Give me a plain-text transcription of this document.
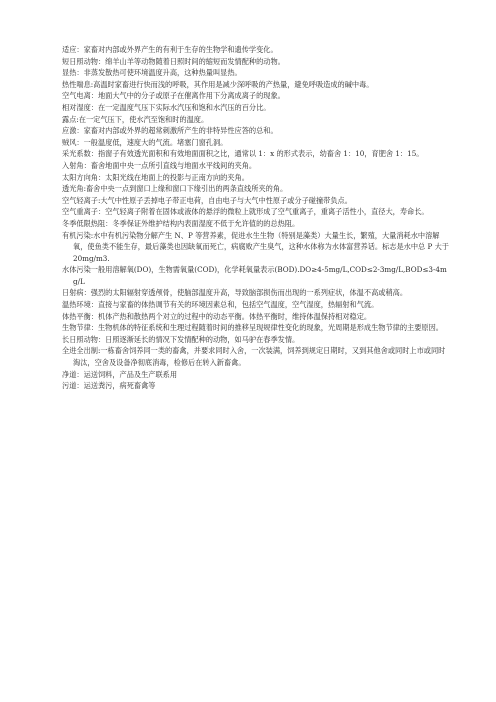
适应：家畜对内部或外界产生的有利于生存的生物学和遗传学变化。

短日照动物：绵羊山羊等动物随着日照时间的缩短而发情配种的动物。

显热：非蒸发散热可使环境温度升高，这种热量叫显热。

热性喘息:高温时家畜进行快而浅的呼吸，其作用是减少深呼吸的产热量，避免呼吸造成的碱中毒。

空气电离：地面大气中的分子或原子在催离作用下分离成离子的现象。

相对湿度：在一定温度气压下实际水汽压和饱和水汽压的百分比。

露点:在一定气压下，使水汽至饱和时的温度。

应激：家畜对内部或外界的超常刺激所产生的非特异性应答的总和。

贼风：一般温度低，速度大的气流。堵塞门窗孔洞。

采光系数：指窗子有效透光面积和有效地面面积之比，通常以 1：x 的形式表示，幼畜舍 1：10，育肥舍 1：15。

入射角：畜舍地面中央一点所引直线与地面水平线间的夹角。

太阳方向角：太阳光线在地面上的投影与正南方向的夹角。

透光角:畜舍中央一点到窗口上缘和窗口下缘引出的两条直线所夹的角。

空气轻离子:大气中性原子丢掉电子带正电荷，自由电子与大气中性原子或分子碰撞带负点。

空气重离子：空气轻离子附着在固体或液体的悬浮的微粒上就形成了空气重离子，重离子活性小，直径大，寿命长。

冬季低限热阻：冬季保证外维护结构内表面湿度不低于允许值的的总热阻。

有机污染:水中有机污染物分解产生 N、P 等营养素，促进水生生物（特别是藻类）大量生长，繁殖，大量消耗水中溶解氧，使鱼类不能生存，最后藻类也因缺氧而死亡，病腐败产生臭气，这种水体称为水体富营养话。标志是水中总 P 大于 20mg/m3.

水体污染一般用溶解氧(DO)，生物需氧量(COD)，化学耗氧量表示(BOD).DO≥4-5mg/L,COD≤2-3mg/L,BOD≤3-4mg/L

日射病：强烈的太阳辐射穿透颅骨，使脑部温度升高，导致脑部损伤而出现的一系列症状，体温不高或稍高。

温热环境：直接与家畜的体热调节有关的环境因素总和，包括空气温度，空气湿度，热辐射和气流。

体热平衡：机体产热和散热两个对立的过程中的动态平衡。体热平衡时，维持体温保持相对稳定。

生物节律：生物机体的特征系统和生理过程随着时间的推移呈现规律性变化的现象，光周期是形成生物节律的主要原因。

长日照动物：日照逐渐延长的情况下发情配种的动物，如马驴在春季发情。

全进全出制:一栋畜舍饲养同一类的畜禽，并要求同时入舍，一次装满，饲养到规定日期时，又到其他舍或同时上市或同时淘汰，空舍及设备净彻底消毒，检修后在转入新畜禽。

净道：运送饲料，产品及生产联系用

污道：运送粪污，病死畜禽等
